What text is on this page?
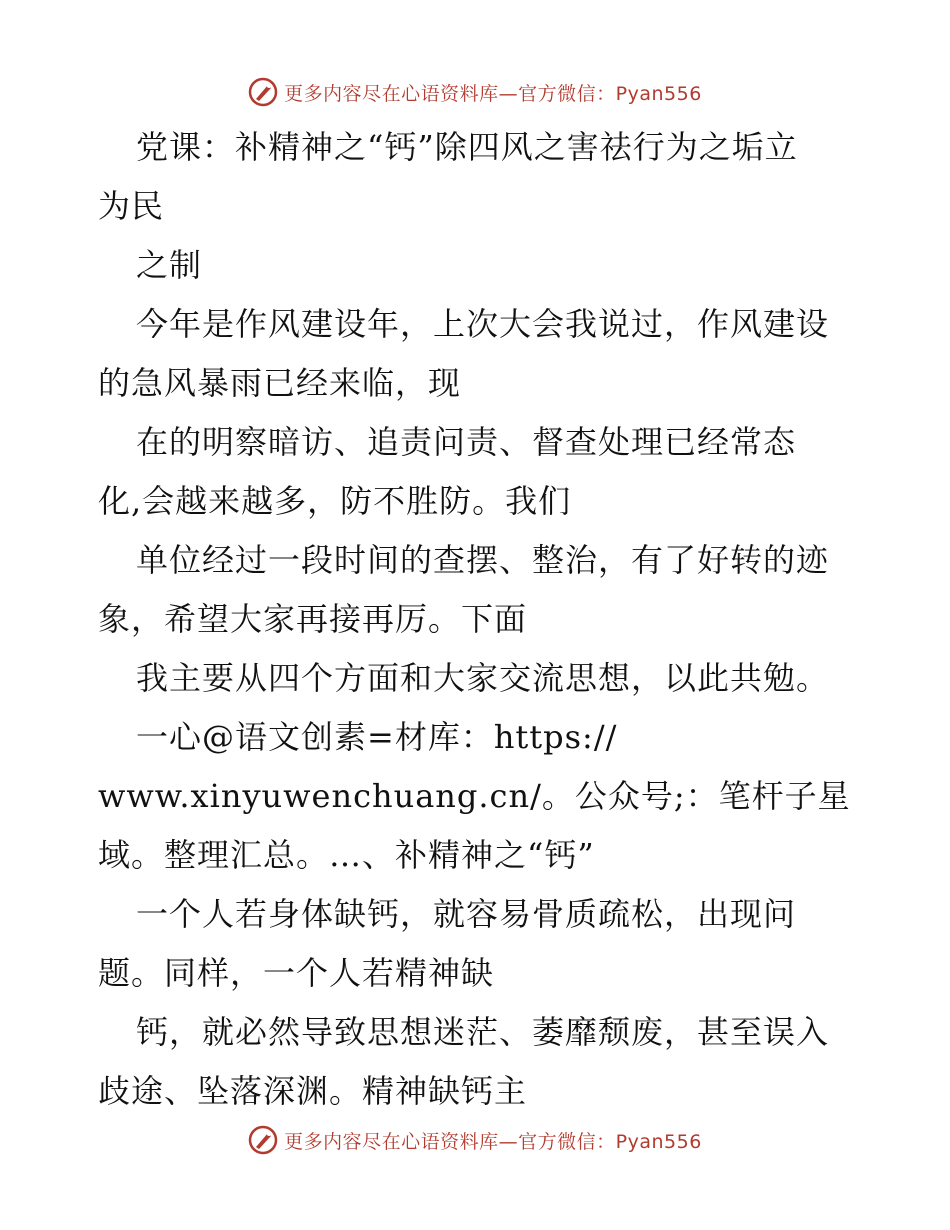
更多内容尽在心语资料库—官方微信：Pyan556
党课：补精神之“钙”除四风之害祛行为之垢立
为民
之制
今年是作风建设年，上次大会我说过，作风建设
的急风暴雨已经来临，现
在的明察暗访、追责问责、督查处理已经常态
化,会越来越多，防不胜防。我们
单位经过一段时间的查摆、整治，有了好转的迹
象，希望大家再接再厉。下面
我主要从四个方面和大家交流思想，以此共勉。
一心@语文创素=材库：https://
www.xinyuwenchuang.cn/。公众号;：笔杆子星
域。整理汇总。…、补精神之“钙”
一个人若身体缺钙，就容易骨质疏松，出现问
题。同样，一个人若精神缺
钙，就必然导致思想迷茫、萎靡颓废，甚至误入
歧途、坠落深渊。精神缺钙主
更多内容尽在心语资料库—官方微信：Pyan556
